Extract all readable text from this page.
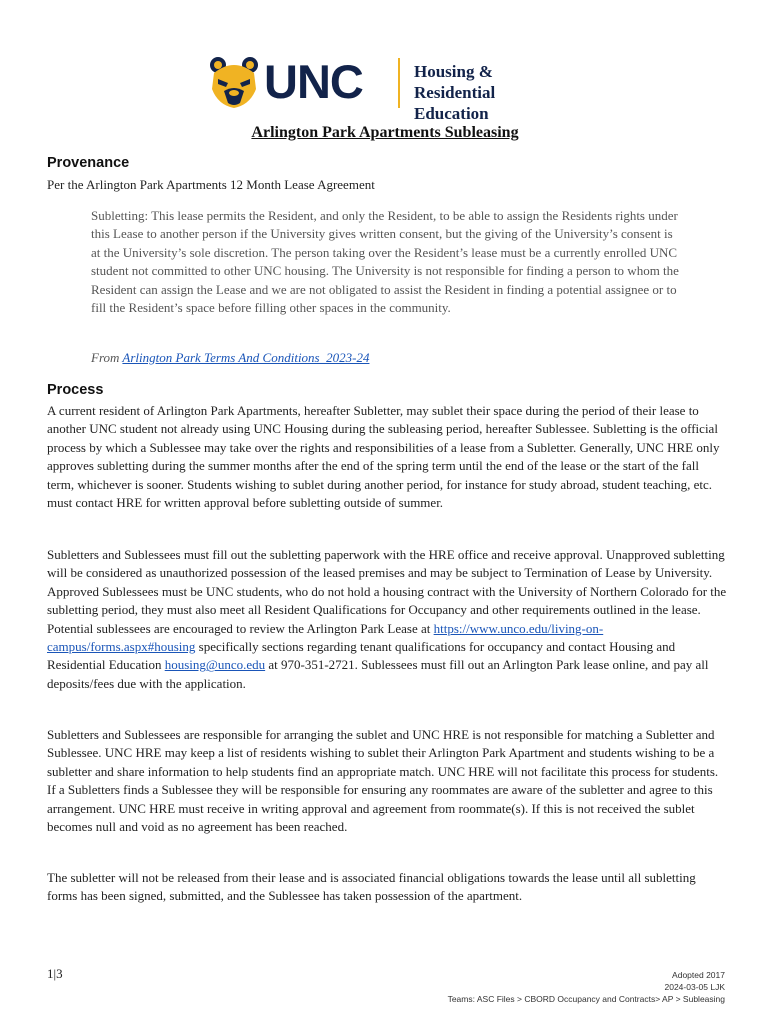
UNC	Housing & Residential
Education
Arlington Park Apartments Subleasing
Provenance

Per the Arlington Park Apartments 12 Month Lease Agreement

Subletting: This lease permits the Resident, and only the Resident, to be able to assign the Residents rights under this Lease to another person if the University gives written consent, but the giving of the University’s consent is at the University’s sole discretion. The person taking over the Resident’s lease must be a currently enrolled UNC student not committed to other UNC housing. The University is not responsible for finding a person to whom the Resident can assign the Lease and we are not obligated to assist the Resident in finding a potential assignee or to fill the Resident’s space before filling other spaces in the community.

From Arlington Park Terms And Conditions_2023-24
Process

A current resident of Arlington Park Apartments, hereafter Subletter, may sublet their space during the period of their lease to another UNC student not already using UNC Housing during the subleasing period, hereafter Sublessee. Subletting is the official process by which a Sublessee may take over the rights and responsibilities of a lease from a Subletter. Generally, UNC HRE only approves subletting during the summer months after the end of the spring term until the end of the lease or the start of the fall term, whichever is sooner. Students wishing to sublet during another period, for instance for study abroad, student teaching, etc. must contact HRE for written approval before subletting outside of summer.

Subletters and Sublessees must fill out the subletting paperwork with the HRE office and receive approval. Unapproved subletting will be considered as unauthorized possession of the leased premises and may be subject to Termination of Lease by University. Approved Sublessees must be UNC students, who do not hold a housing contract with the University of Northern Colorado for the subletting period, they must also meet all Resident Qualifications for Occupancy and other requirements outlined in the lease. Potential sublessees are encouraged to review the Arlington Park Lease at https://www.unco.edu/living-on-campus/forms.aspx#housing specifically sections regarding tenant qualifications for occupancy and contact Housing and Residential Education housing@unco.edu at 970-351-2721. Sublessees must fill out an Arlington Park lease online, and pay all deposits/fees due with the application.

Subletters and Sublessees are responsible for arranging the sublet and UNC HRE is not responsible for matching a Subletter and Sublessee. UNC HRE may keep a list of residents wishing to sublet their Arlington Park Apartment and students wishing to be a subletter and share information to help students find an appropriate match. UNC HRE will not facilitate this process for students. If a Subletters finds a Sublessee they will be responsible for ensuring any roommates are aware of the subletter and agree to this arrangement. UNC HRE must receive in writing approval and agreement from roommate(s). If this is not received the sublet becomes null and void as no agreement has been reached.

The subletter will not be released from their lease and is associated financial obligations towards the lease until all subletting forms has been signed, submitted, and the Sublessee has taken possession of the apartment.

1|3	Adopted 2017
2024-03-05 LJK
Teams: ASC Files > CBORD Occupancy and Contracts> AP > Subleasing
